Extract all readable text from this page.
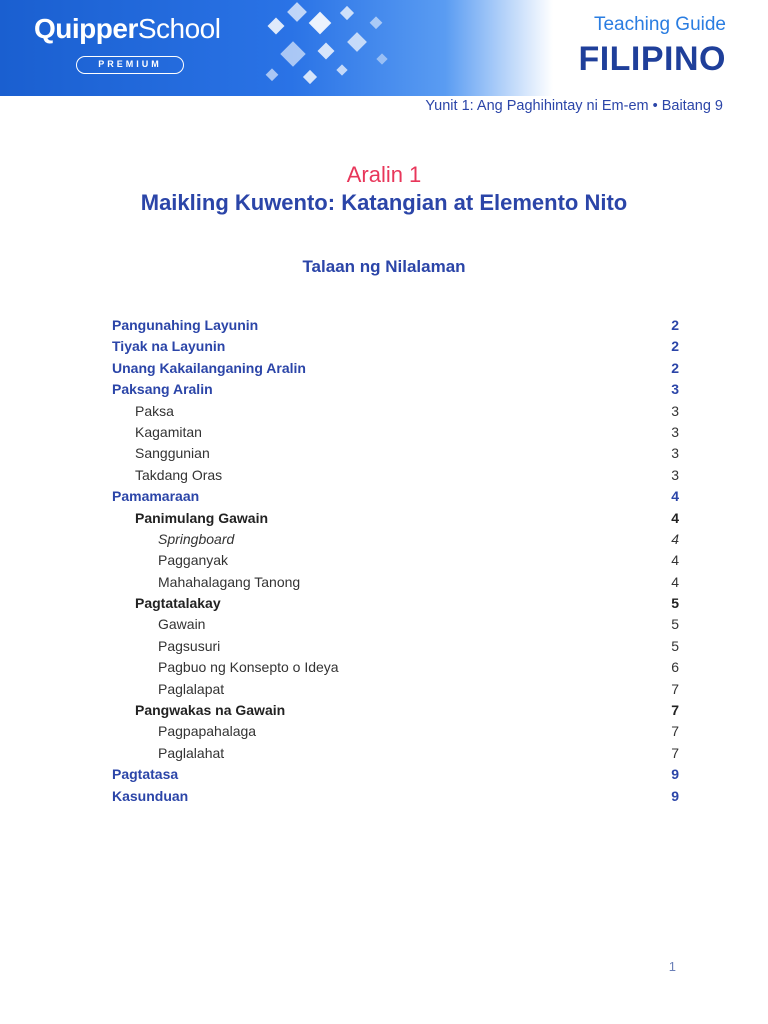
QuipperSchool
PREMIUM
Teaching Guide
FILIPINO
Yunit 1: Ang Paghihintay ni Em-em • Baitang 9
Aralin 1
Maikling Kuwento: Katangian at Elemento Nito
Talaan ng Nilalaman
Pangunahing Layunin	2
Tiyak na Layunin	2
Unang Kakailanganing Aralin	2
Paksang Aralin	3
Paksa	3
Kagamitan	3
Sanggunian	3
Takdang Oras	3
Pamamaraan	4
Panimulang Gawain	4
Springboard	4
Pagganyak	4
Mahahalagang Tanong	4
Pagtatalakay	5
Gawain	5
Pagsusuri	5
Pagbuo ng Konsepto o Ideya	6
Paglalapat	7
Pangwakas na Gawain	7
Pagpapahalaga	7
Paglalahat	7
Pagtatasa	9
Kasunduan	9
1
